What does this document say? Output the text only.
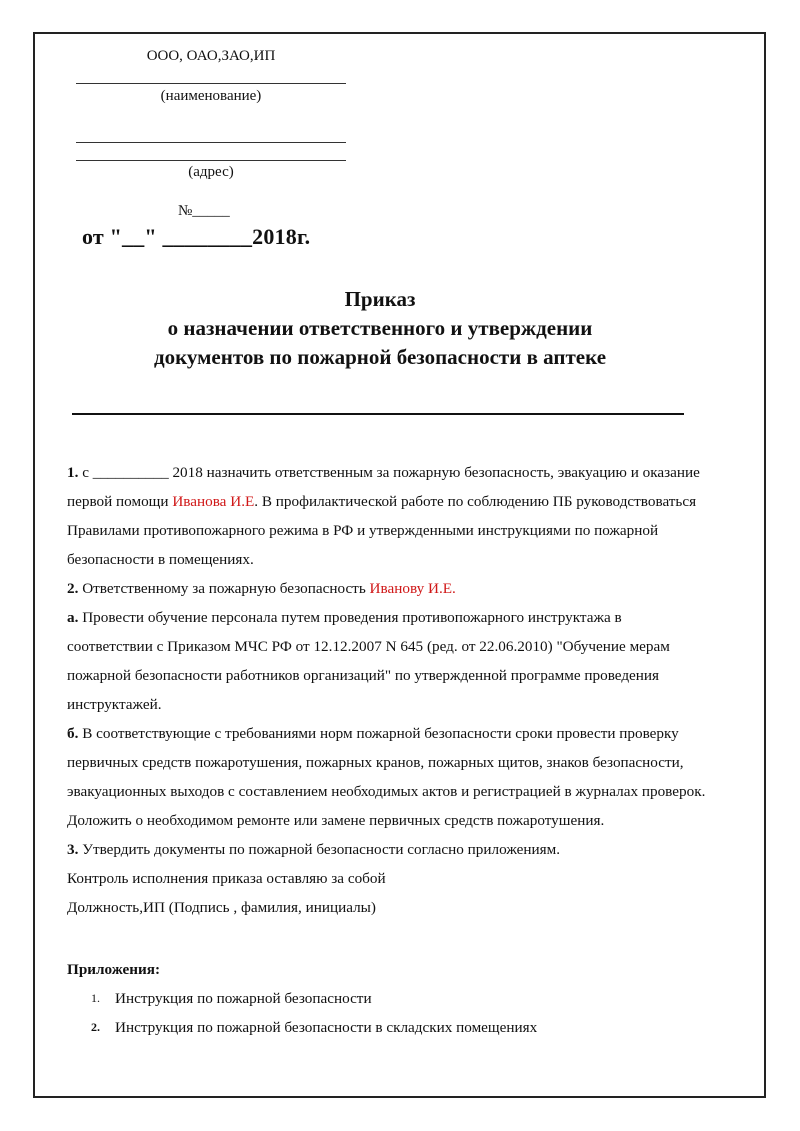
ООО, ОАО,ЗАО,ИП
(наименование)
(адрес)
№_____
от "__" ________2018г.
Приказ
о назначении ответственного и утверждении
документов по пожарной безопасности в аптеке

1. с __________ 2018 назначить ответственным за пожарную безопасность, эвакуацию и оказание первой помощи Иванова И.Е. В профилактической работе по соблюдению ПБ руководствоваться Правилами противопожарного режима в РФ и утвержденными инструкциями по пожарной безопасности в помещениях.

2. Ответственному за пожарную безопасность Иванову И.Е.

а. Провести обучение персонала путем проведения противопожарного инструктажа в соответствии с Приказом МЧС РФ от 12.12.2007 N 645 (ред. от 22.06.2010) "Обучение мерам пожарной безопасности работников организаций" по утвержденной программе проведения инструктажей.

б. В соответствующие с требованиями норм пожарной безопасности сроки провести проверку первичных средств пожаротушения, пожарных кранов, пожарных щитов, знаков безопасности, эвакуационных выходов с составлением необходимых актов и регистрацией в журналах проверок. Доложить о необходимом ремонте или замене первичных средств пожаротушения.

3. Утвердить документы по пожарной безопасности согласно приложениям.

Контроль исполнения приказа оставляю за собой

Должность,ИП (Подпись , фамилия, инициалы)

Приложения:
1. Инструкция по пожарной безопасности
2. Инструкция по пожарной безопасности в складских помещениях
